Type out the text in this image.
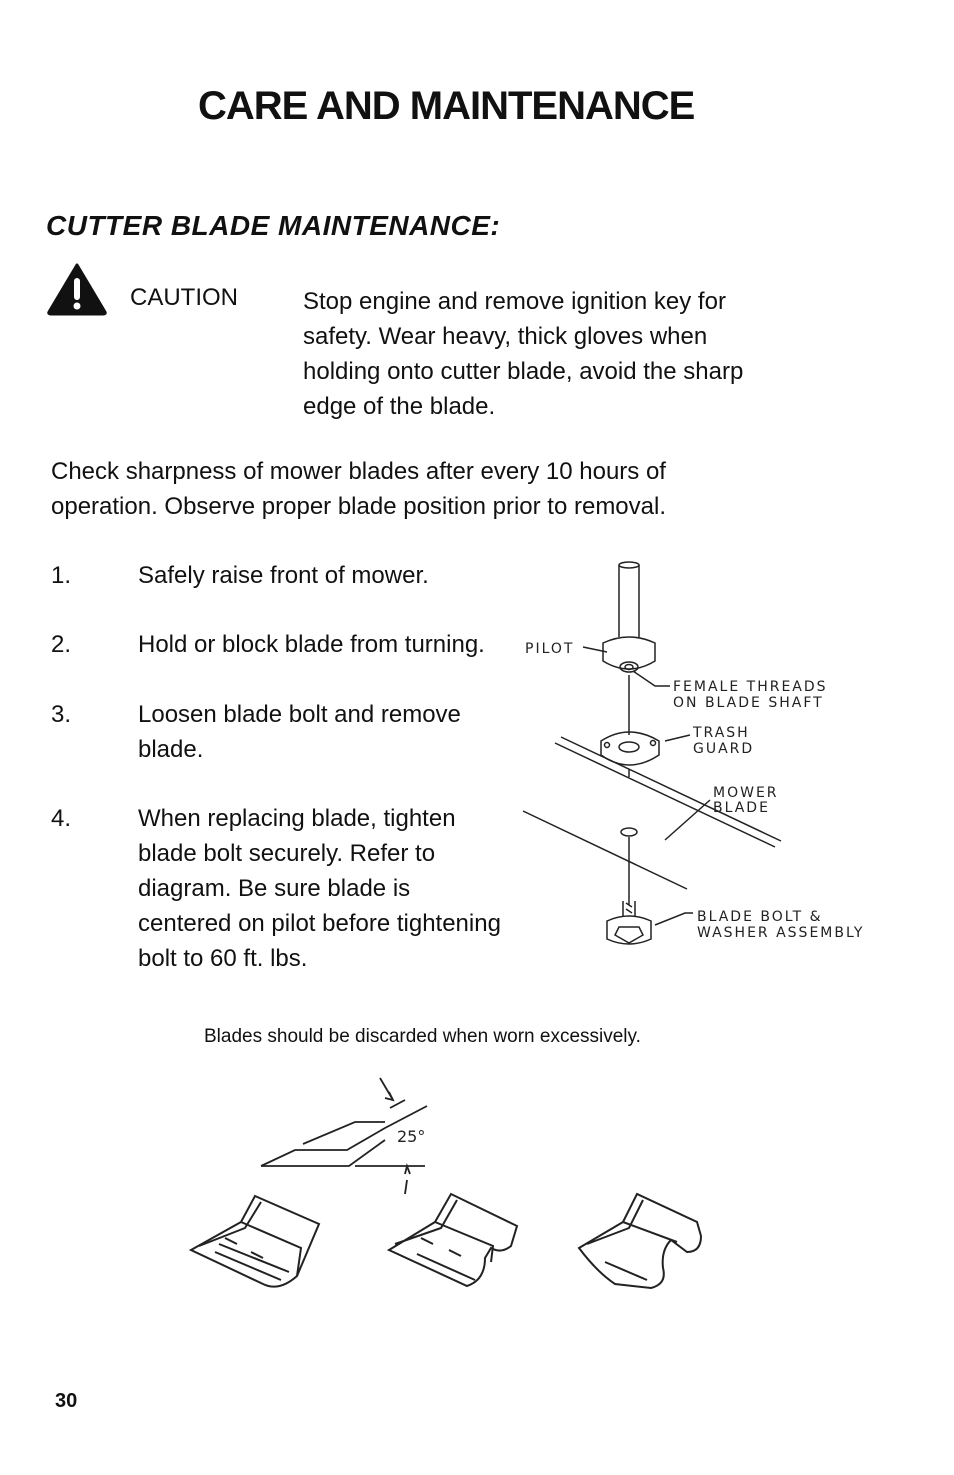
CARE AND MAINTENANCE
CUTTER BLADE MAINTENANCE:
CAUTION	Stop engine and remove ignition key for
safety. Wear heavy, thick gloves when
holding onto cutter blade, avoid the sharp
edge of the blade.
Check sharpness of mower blades after every 10 hours of
operation. Observe proper blade position prior to removal.
1.	Safely raise front of mower.
2.	Hold or block blade from turning.
3.	Loosen blade bolt and remove
blade.
4.	When replacing blade, tighten
blade bolt securely. Refer to
diagram. Be sure blade is
centered on pilot before tightening
bolt to 60 ft. lbs.
PILOT
FEMALE THREADS
ON BLADE SHAFT
TRASH
GUARD
MOWER
BLADE
BLADE BOLT &
WASHER ASSEMBLY
Blades should be discarded when worn excessively.
25°
30
